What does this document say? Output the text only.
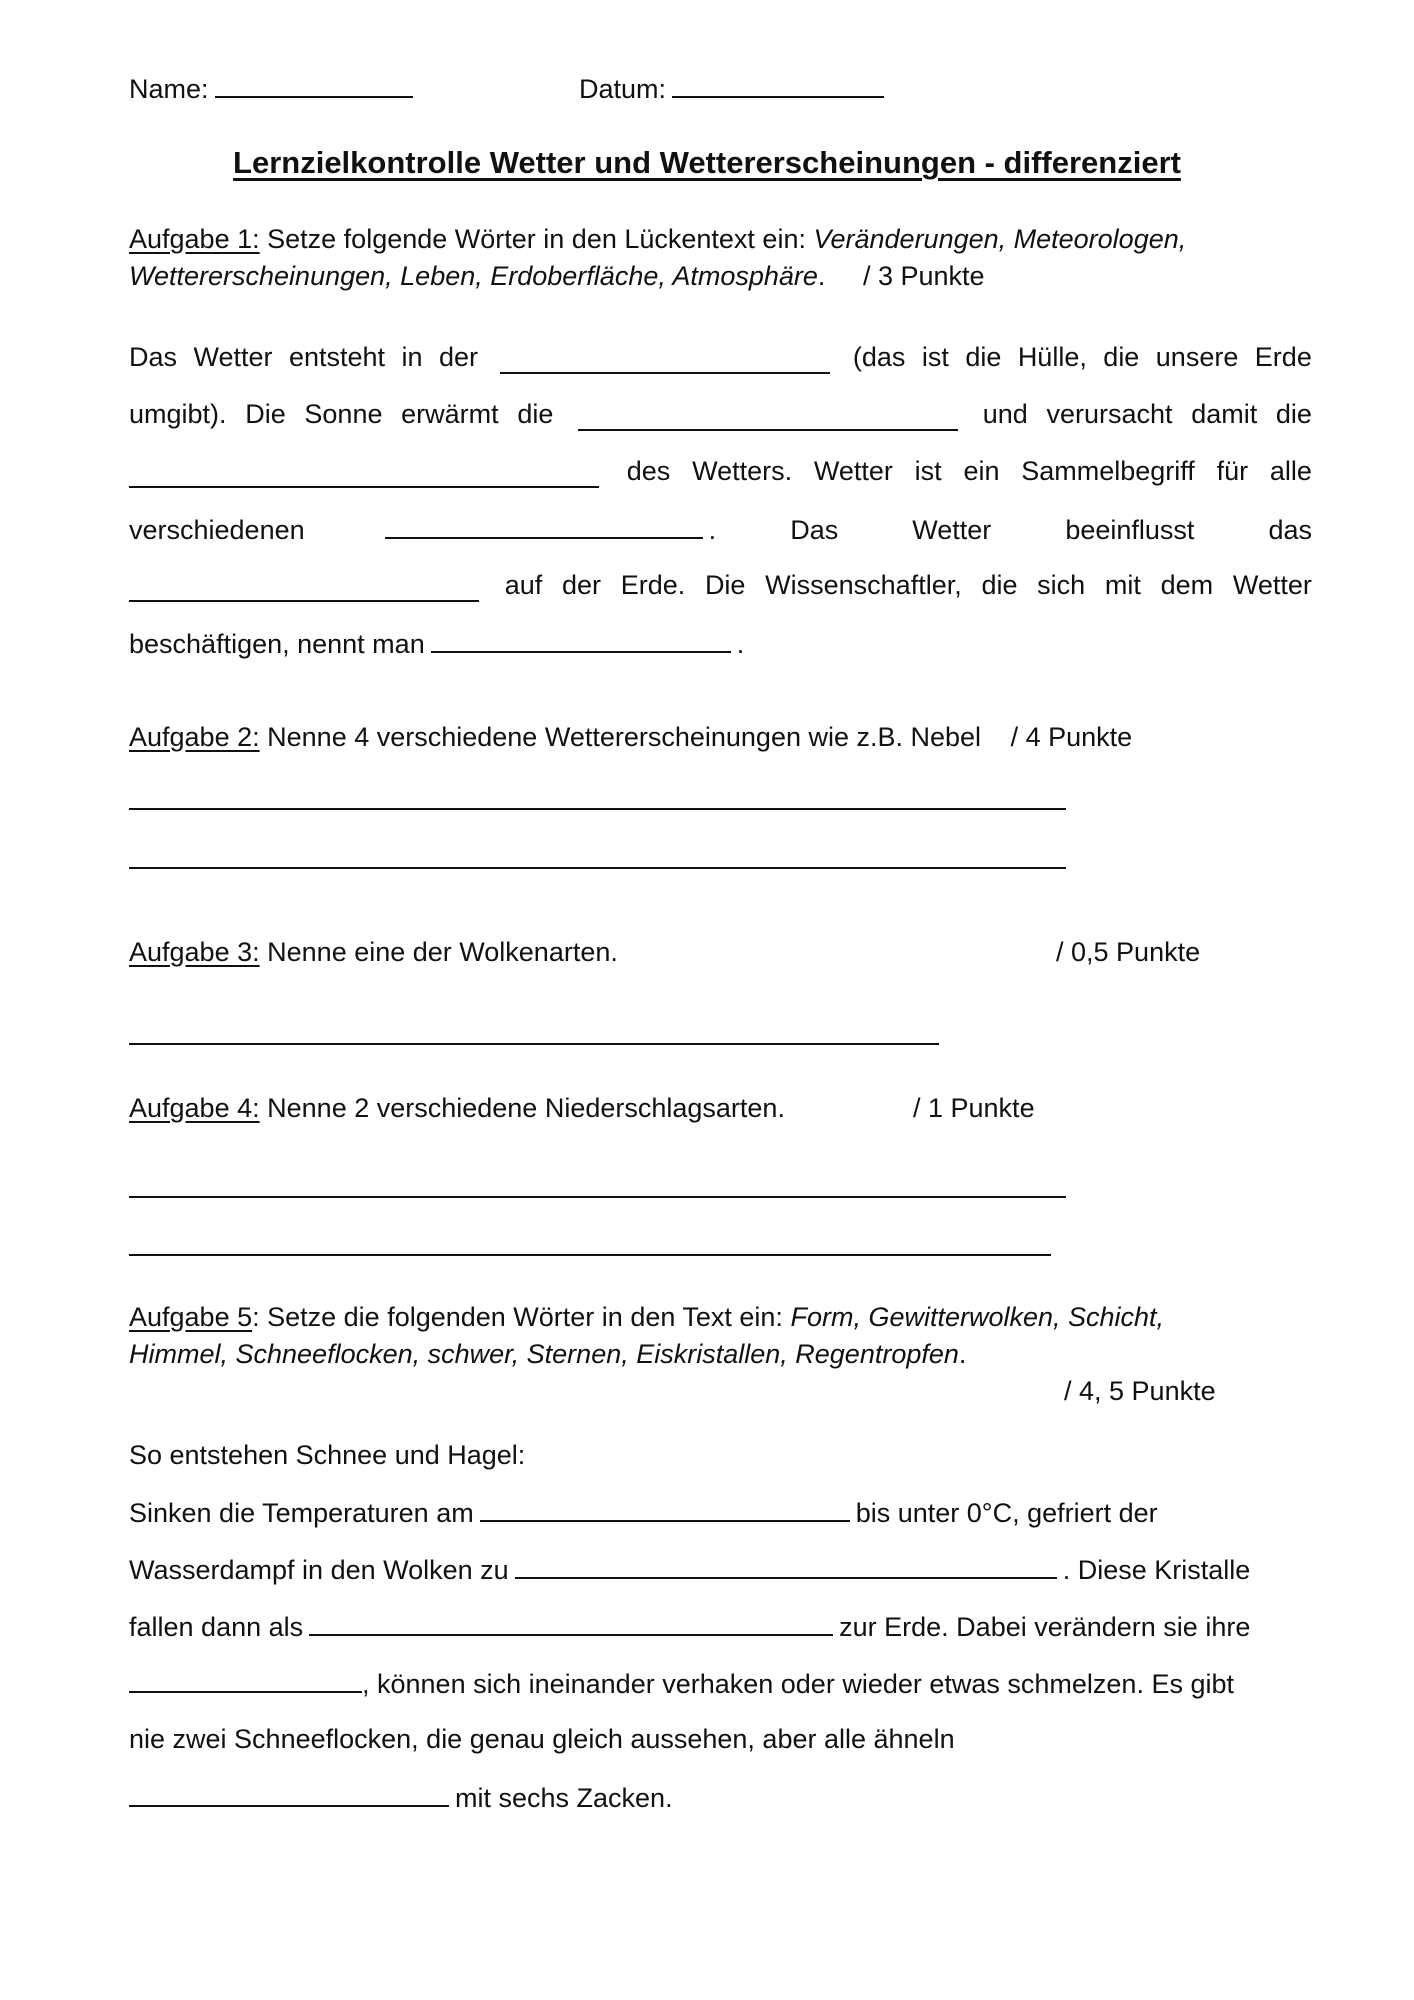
Name:	Datum:
Lernzielkontrolle Wetter und Wettererscheinungen - differenziert
Aufgabe 1: Setze folgende Wörter in den Lückentext ein: Veränderungen, Meteorologen,
Wettererscheinungen, Leben, Erdoberfläche, Atmosphäre. / 3 Punkte
Das Wetter entsteht in der	(das ist die Hülle, die unsere Erde
umgibt). Die Sonne erwärmt die	und verursacht damit die
des Wetters. Wetter ist ein Sammelbegriff für alle
verschiedenen	.	Das	Wetter	beeinflusst	das
auf der Erde. Die Wissenschaftler, die sich mit dem Wetter
beschäftigen, nennt man	.
Aufgabe 2: Nenne 4 verschiedene Wettererscheinungen wie z.B. Nebel / 4 Punkte
Aufgabe 3: Nenne eine der Wolkenarten.	/ 0,5 Punkte
Aufgabe 4: Nenne 2 verschiedene Niederschlagsarten.	/ 1 Punkte
Aufgabe 5: Setze die folgenden Wörter in den Text ein: Form, Gewitterwolken, Schicht,
Himmel, Schneeflocken, schwer, Sternen, Eiskristallen, Regentropfen.
/ 4, 5 Punkte
So entstehen Schnee und Hagel:
Sinken die Temperaturen am	bis unter 0°C, gefriert der
Wasserdampf in den Wolken zu	. Diese Kristalle
fallen dann als	zur Erde. Dabei verändern sie ihre
, können sich ineinander verhaken oder wieder etwas schmelzen. Es gibt
nie zwei Schneeflocken, die genau gleich aussehen, aber alle ähneln
mit sechs Zacken.
